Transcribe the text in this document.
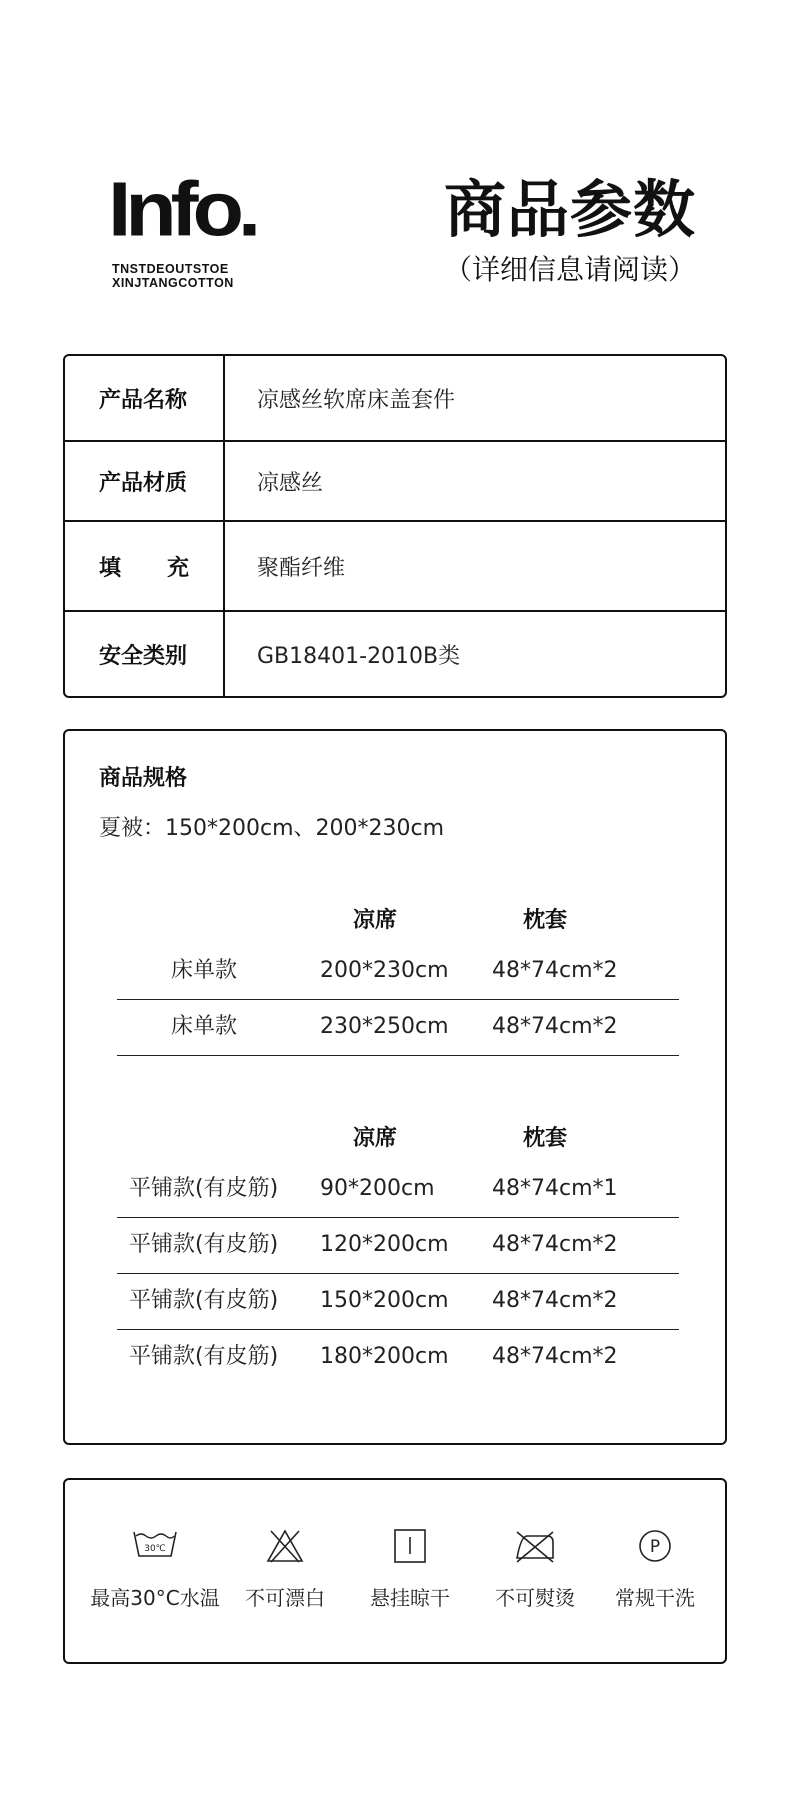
Info.
TNSTDEOUTSTOE
XINJTANGCOTTON
商品参数
（详细信息请阅读）
产品名称	凉感丝软席床盖套件
产品材质	凉感丝
填 充	聚酯纤维
安全类别	GB18401-2010B类
商品规格
夏被：150*200cm、200*230cm
凉席	枕套
床单款	200*230cm 48*74cm*2
床单款	230*250cm 48*74cm*2
凉席	枕套
平铺款(有皮筋) 90*200cm	48*74cm*1
平铺款(有皮筋) 120*200cm 48*74cm*2
平铺款(有皮筋) 150*200cm 48*74cm*2
平铺款(有皮筋) 180*200cm 48*74cm*2
30℃
最高30°C水温	不可漂白	悬挂晾干	不可熨烫
P
常规干洗
